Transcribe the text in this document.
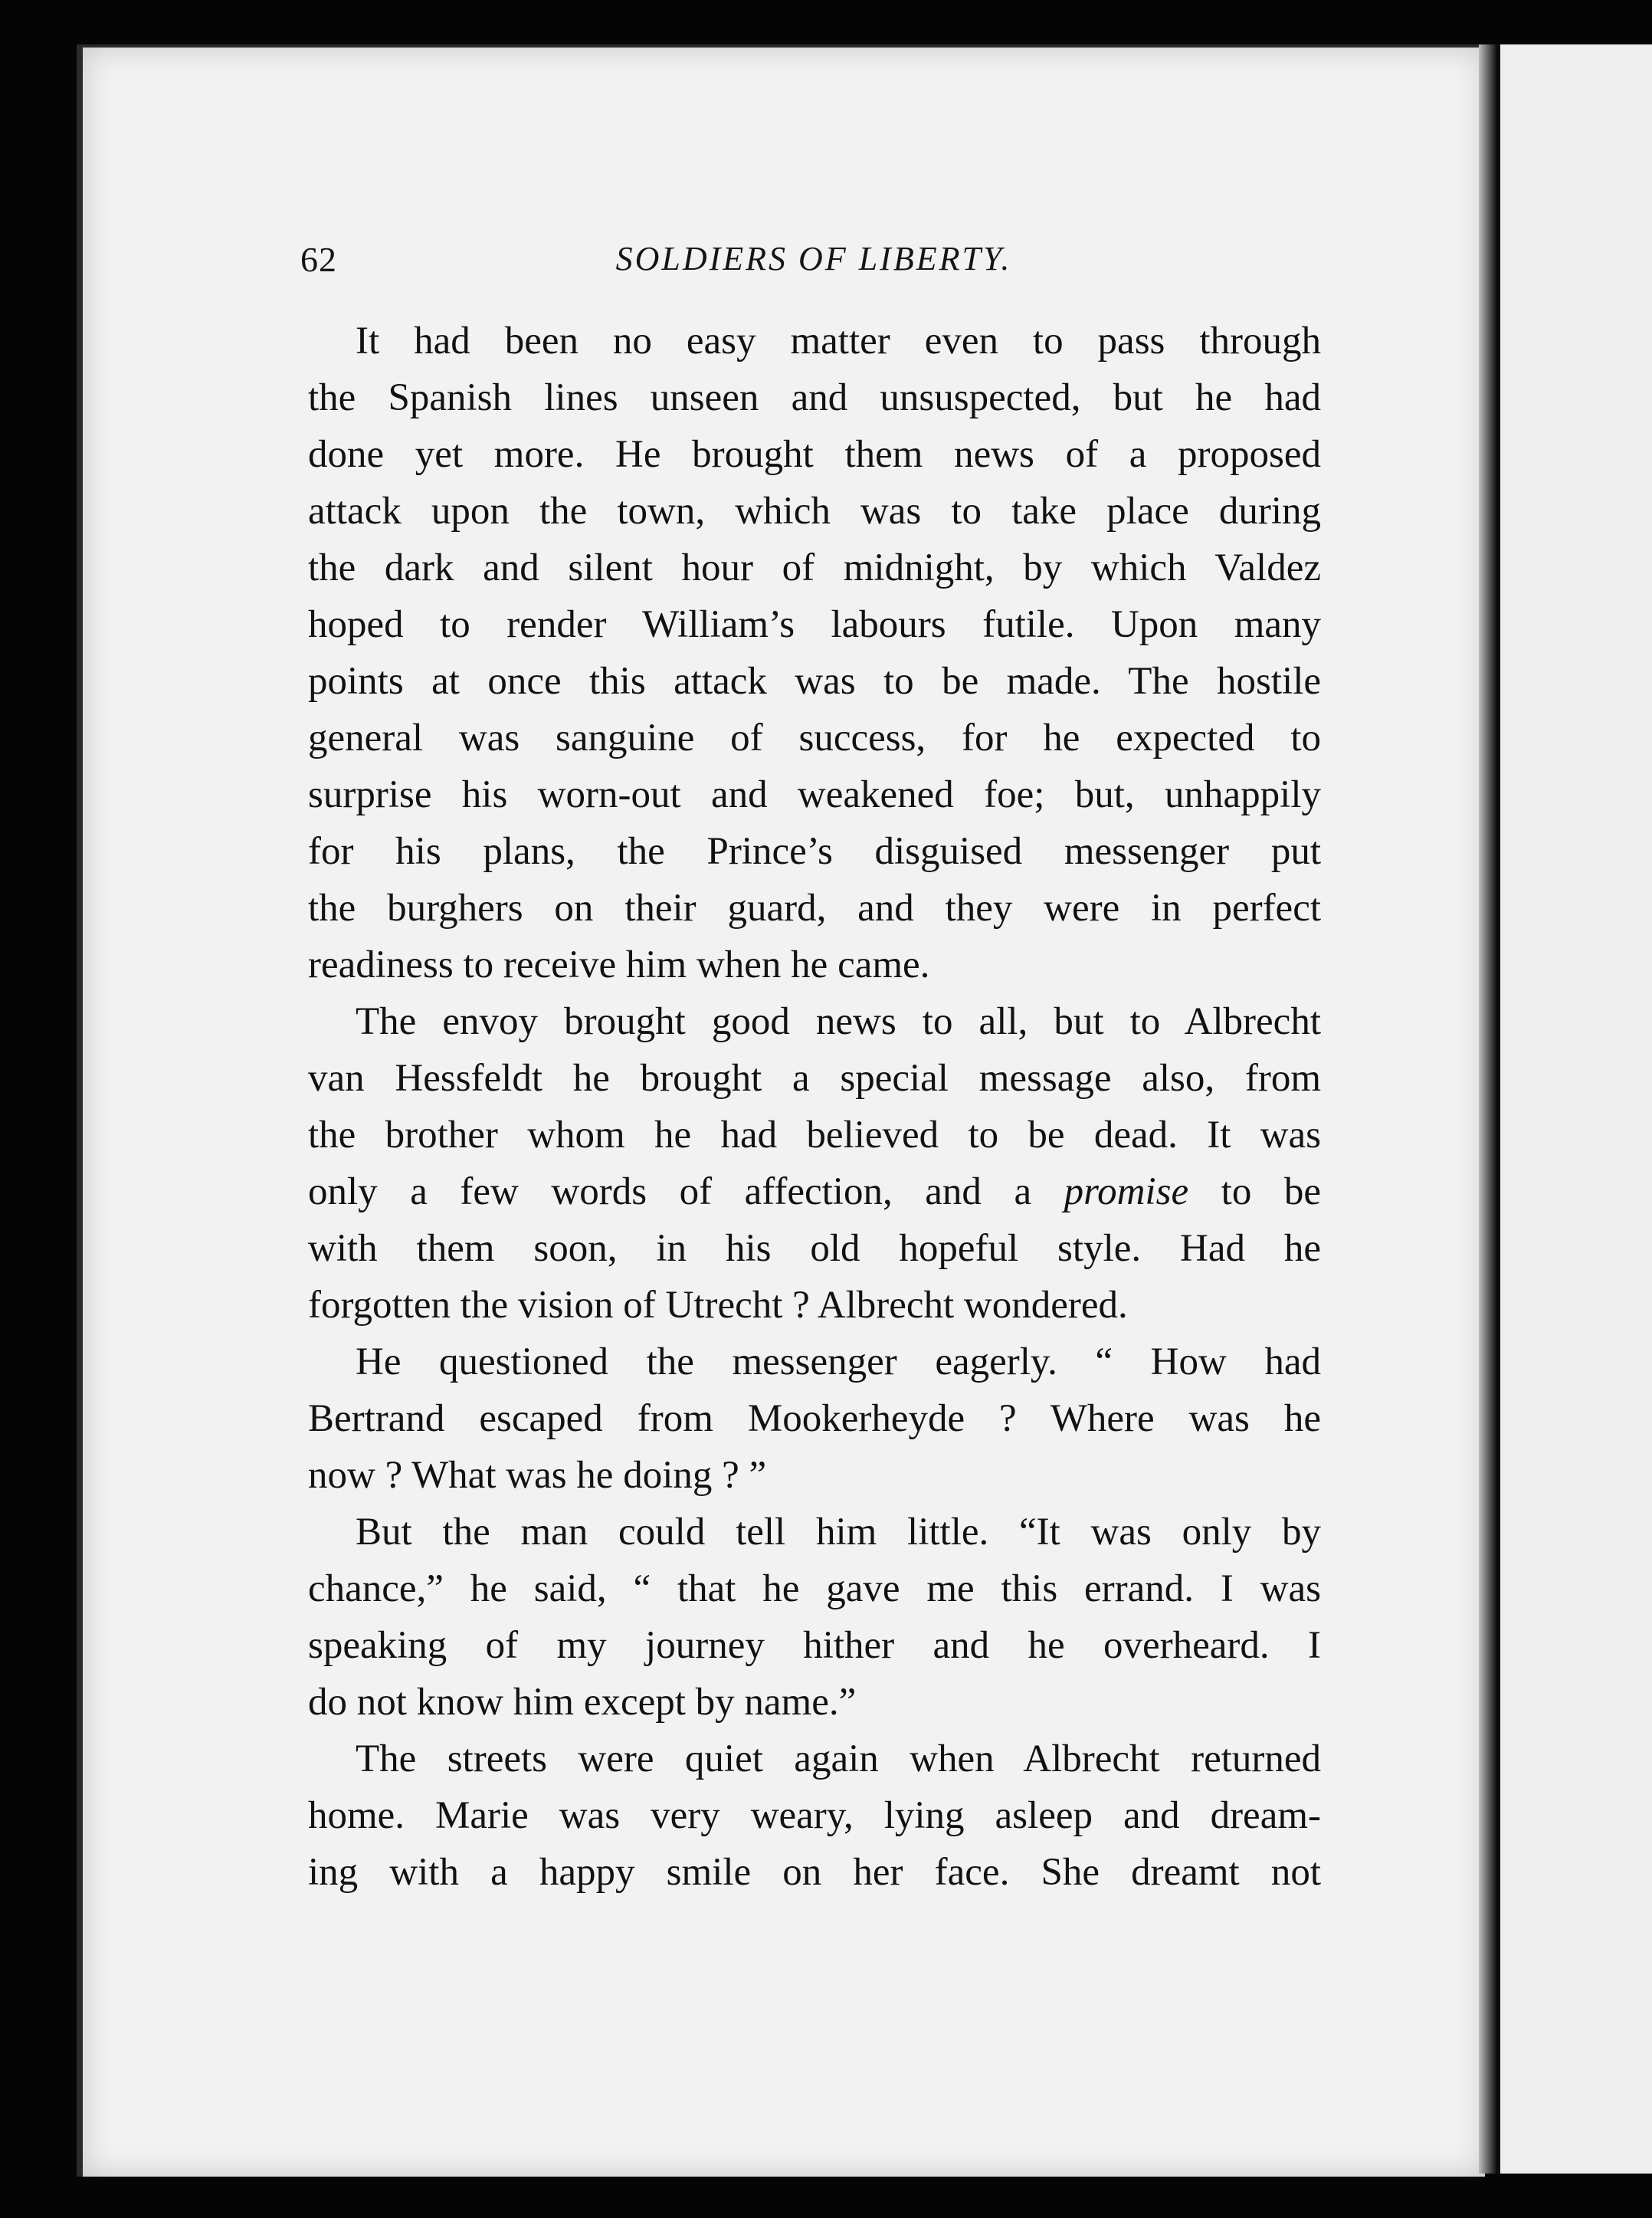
62	SOLDIERS OF LIBERTY.
It had been no easy matter even to pass through
the Spanish lines unseen and unsuspected, but he had
done yet more. He brought them news of a proposed
attack upon the town, which was to take place during
the dark and silent hour of midnight, by which Valdez
hoped to render William’s labours futile. Upon many
points at once this attack was to be made. The hostile
general was sanguine of success, for he expected to
surprise his worn-out and weakened foe; but, unhappily
for his plans, the Prince’s disguised messenger put
the burghers on their guard, and they were in perfect
readiness to receive him when he came.
The envoy brought good news to all, but to Albrecht
van Hessfeldt he brought a special message also, from
the brother whom he had believed to be dead. It was
only a few words of affection, and a promise to be
with them soon, in his old hopeful style. Had he
forgotten the vision of Utrecht ? Albrecht wondered.
He questioned the messenger eagerly. “ How had
Bertrand escaped from Mookerheyde ? Where was he
now ? What was he doing ? ”
But the man could tell him little. “It was only by
chance,” he said, “ that he gave me this errand. I was
speaking of my journey hither and he overheard. I
do not know him except by name.”
The streets were quiet again when Albrecht returned
home. Marie was very weary, lying asleep and dream-
ing with a happy smile on her face. She dreamt not
